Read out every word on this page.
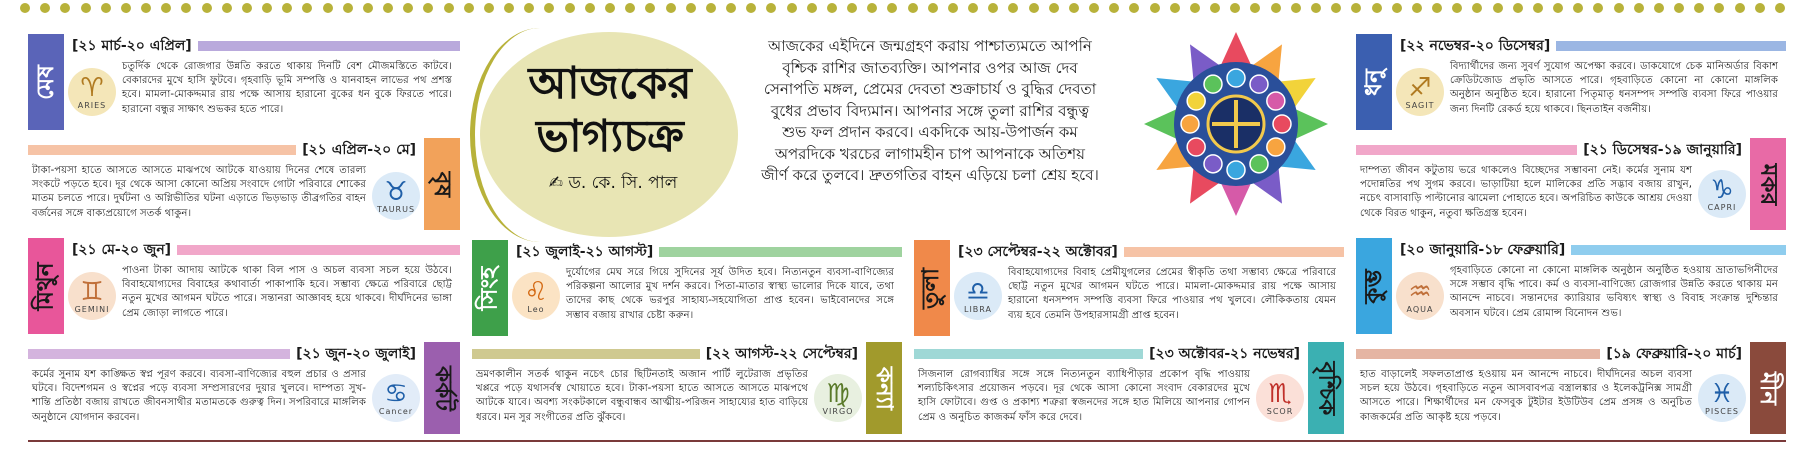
মেষ
[২১ মার্চ-২০ এপ্রিল]
♈
ARIES
চতুর্দিক থেকে রোজগার উন্নতি করতে থাকায় দিনটি বেশ মৌজমস্তিতে কাটবে। বেকারদের মুখে হাসি ফুটবে। গৃহবাড়ি ভূমি সম্পত্তি ও যানবাহন লাভের পথ প্রশস্ত হবে। মামলা-মোকদ্দমার রায় পক্ষে আসায় হারানো বুকের ধন বুকে ফিরতে পারে। হারানো বন্ধুর সাক্ষাৎ শুভকর হতে পারে।
বৃষ
[২১ এপ্রিল-২০ মে]
♉
TAURUS
টাকা-পয়সা হাতে আসতে আসতে মাঝপথে আটকে যাওয়ায় দিনের শেষে তারল্য সংকটে পড়তে হবে। দূর থেকে আসা কোনো অপ্রিয় সংবাদে গোটা পরিবারে শোকের মাতম চলতে পারে। দুর্ঘটনা ও অগ্নিভীতির ঘটনা এড়াতে ভিড়ভাড় তীব্রগতির বাহন বর্জনের সঙ্গে বাক্যপ্রয়োগে সতর্ক থাকুন।
মিথুন
[২১ মে-২০ জুন]
♊
GEMINI
পাওনা টাকা আদায় আটকে থাকা বিল পাস ও অচল ব্যবসা সচল হয়ে উঠবে। বিবাহযোগ্যদের বিবাহের কথাবার্তা পাকাপাকি হবে। সম্ভাব্য ক্ষেত্রে পরিবারে ছোট্ট নতুন মুখের আগমন ঘটতে পারে। সন্তানরা আজ্ঞাবহ হয়ে থাকবে। দীর্ঘদিনের ভাঙ্গা প্রেম জোড়া লাগতে পারে।
কর্কট
[২১ জুন-২০ জুলাই]
♋
Cancer
কর্মের সুনাম যশ কাঙ্ক্ষিত স্বপ্ন পূরণ করবে। ব্যবসা-বাণিজ্যের বহুল প্রচার ও প্রসার ঘটবে। বিদেশগমন ও স্বপ্নের পড়ে ব্যবসা সম্প্রসারণের দুয়ার খুলবে। দাম্পত্য সুখ-শান্তি প্রতিষ্ঠা বজায় রাখতে জীবনসাথীর মতামতকে গুরুত্ব দিন। সপরিবারে মাঙ্গলিক অনুষ্ঠানে যোগদান করবেন।
আজকের
ভাগ্যচক্র
✍ ড. কে. সি. পাল
আজকের এইদিনে জন্মগ্রহণ করায় পাশ্চাত্যমতে আপনি বৃশ্চিক রাশির জাতব্যক্তি। আপনার ওপর আজ দেব সেনাপতি মঙ্গল, প্রেমের দেবতা শুক্রাচার্য ও বুদ্ধির দেবতা বুধের প্রভাব বিদ্যমান। আপনার সঙ্গে তুলা রাশির বন্ধুত্ব শুভ ফল প্রদান করবে। একদিকে আয়-উপার্জন কম অপরদিকে খরচের লাগামহীন চাপ আপনাকে অতিশয় জীর্ণ করে তুলবে। দ্রুতগতির বাহন এড়িয়ে চলা শ্রেয় হবে।
সিংহ
[২১ জুলাই-২১ আগস্ট]
♌
Leo
দুর্যোগের মেঘ সরে গিয়ে সুদিনের সূর্য উদিত হবে। নিত্যনতুন ব্যবসা-বাণিজ্যের পরিকল্পনা আলোর মুখ দর্শন করবে। পিতা-মাতার স্বাস্থ্য ভালোর দিকে যাবে, তথা তাদের কাছ থেকে ভরপুর সাহায্য-সহযোগিতা প্রাপ্ত হবেন। ভাইবোনদের সঙ্গে সম্ভাব বজায় রাখার চেষ্টা করুন।
কন্যা
[২২ আগস্ট-২২ সেপ্টেম্বর]
♍
VIRGO
ভ্রমণকালীন সতর্ক থাকুন নচেৎ চোর ছিটিনতাই অজান পার্টি লুটেরাজ প্রভৃতির খপ্পরে পড়ে যথাসর্বস্ব খোয়াতে হবে। টাকা-পয়সা হাতে আসতে আসতে মাঝপথে আটকে যাবে। অবশ্য সংকটকালে বন্ধুবান্ধব আত্মীয়-পরিজন সাহায্যের হাত বাড়িয়ে ধরবে। মন সুর সংগীতের প্রতি ঝুঁকবে।
তুলা
[২৩ সেপ্টেম্বর-২২ অক্টোবর]
♎
LIBRA
বিবাহযোগ্যদের বিবাহ প্রেমীযুগলের প্রেমের স্বীকৃতি তথা সম্ভাব্য ক্ষেত্রে পরিবারে ছোট্ট নতুন মুখের আগমন ঘটতে পারে। মামলা-মোকদ্দমার রায় পক্ষে আসায় হারানো ধনসম্পদ সম্পত্তি ব্যবসা ফিরে পাওয়ার পথ খুলবে। লৌকিকতায় যেমন ব্যয় হবে তেমনি উপহারসামগ্রী প্রাপ্ত হবেন।
বৃশ্চিক
[২৩ অক্টোবর-২১ নভেম্বর]
♏
SCOR
সিজনাল রোগব্যাধির সঙ্গে সঙ্গে নিত্যনতুন ব্যাধিপীড়ার প্রকোপ বৃদ্ধি পাওয়ায় শল্যচিকিৎসার প্রয়োজন পড়বে। দূর থেকে আসা কোনো সংবাদ বেকারদের মুখে হাসি ফোটাবে। গুপ্ত ও প্রকাশ্য শত্রুরা স্বজনদের সঙ্গে হাত মিলিয়ে আপনার গোপন প্রেম ও অনুচিত কাজকর্ম ফাঁস করে দেবে।
ধনু
[২২ নভেম্বর-২০ ডিসেম্বর]
♐
SAGIT
বিদ্যার্থীদের জন্য সুবর্ণ সুযোগ অপেক্ষা করবে। ডাকযোগে চেক মানিঅর্ডার বিকাশ ক্রেডিটজোড প্রভৃতি আসতে পারে। গৃহবাড়িতে কোনো না কোনো মাঙ্গলিক অনুষ্ঠান অনুষ্ঠিত হবে। হারানো পিতৃমাতৃ ধনসম্পদ সম্পত্তি ব্যবসা ফিরে পাওয়ার জন্য দিনটি রেকর্ড হয়ে থাকবে। ছিনতাইন বর্জনীয়।
মকর
[২১ ডিসেম্বর-১৯ জানুয়ারি]
♑
CAPRI
দাম্পত্য জীবন কটুতায় ভরে থাকলেও বিচ্ছেদের সম্ভাবনা নেই। কর্মের সুনাম যশ পদোন্নতির পথ সুগম করবে। ভাড়াটিয়া হলে মালিকের প্রতি সদ্ভাব বজায় রাখুন, নচেৎ বাসাবাড়ি পাল্টানোর ঝামেলা পোহাতে হবে। অপরিচিত কাউকে আশ্রয় দেওয়া থেকে বিরত থাকুন, নতুবা ক্ষতিগ্রস্ত হবেন।
কুম্ভ
[২০ জানুয়ারি-১৮ ফেব্রুয়ারি]
♒
AQUA
গৃহবাড়িতে কোনো না কোনো মাঙ্গলিক অনুষ্ঠান অনুষ্ঠিত হওয়ায় ভ্রাতাভগিনীদের সঙ্গে সম্ভাব বৃদ্ধি পাবে। কর্ম ও ব্যবসা-বাণিজ্যে রোজগার উন্নতি করতে থাকায় মন আনন্দে নাচবে। সন্তানদের ক্যারিয়ার ভবিষ্যৎ স্বাস্থ্য ও বিবাহ সংক্রান্ত দুশ্চিন্তার অবসান ঘটবে। প্রেম রোমান্স বিনোদন শুভ।
মীন
[১৯ ফেব্রুয়ারি-২০ মার্চ]
♓
PISCES
হাত বাড়ালেই সফলতাপ্রাপ্ত হওয়ায় মন আনন্দে নাচবে। দীর্ঘদিনের অচল ব্যবসা সচল হয়ে উঠবে। গৃহবাড়িতে নতুন আসবাবপত্র বস্ত্রালঙ্কার ও ইলেকট্রনিক্স সামগ্রী আসতে পারে। শিক্ষার্থীদের মন ফেসবুক টুইটার ইউটিউব প্রেম প্রসঙ্গ ও অনুচিত কাজকর্মের প্রতি আকৃষ্ট হয়ে পড়বে।
